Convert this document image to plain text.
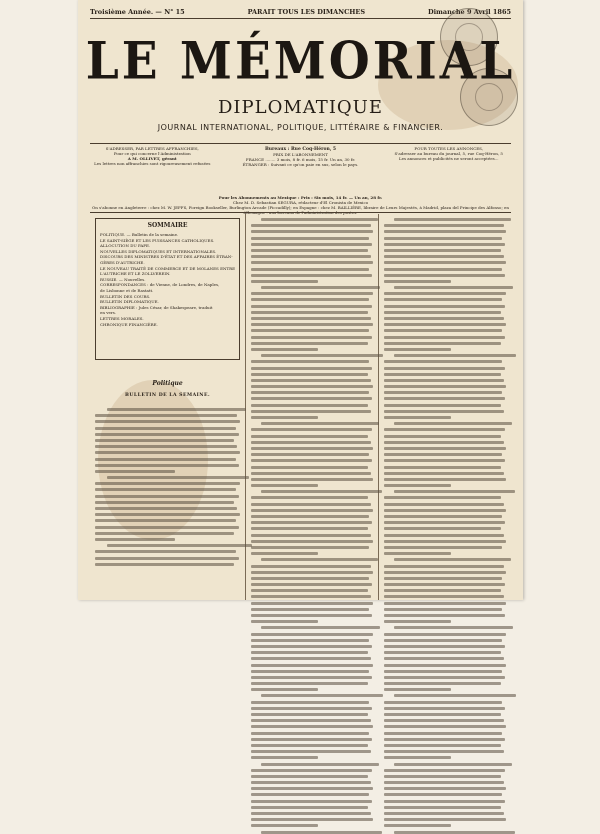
Troisième Année. — N° 15	PARAIT TOUS LES DIMANCHES	Dimanche 9 Avril 1865
LE MÉMORIAL
DIPLOMATIQUE
JOURNAL INTERNATIONAL, POLITIQUE, LITTÉRAIRE & FINANCIER.
S'ADRESSER, PAR LETTRES AFFRANCHIES,
Pour ce qui concerne l'Administration
A M. OLLIVET, gérant
Les lettres non affranchies sont rigoureusement refusées
Bureaux : Rue Coq-Héron, 5
PRIX DE L'ABONNEMENT
FRANCE ........ 3 mois, 8 fr. 6 mois, 15 fr. Un an, 30 fr.
ÉTRANGER : Suivant ce qu'on paie en sus, selon le pays.
POUR TOUTES LES ANNONCES,
S'adresser au bureau du journal, 5, rue Coq-Héron, 5
Les annonces et publicités ne seront acceptées...
Pour les Abonnements au Mexique : Prix : Six mois, 14 fr. — Un an, 28 fr.
Chez M. D. Sebastian SEGURA, rédacteur d'El Cronista de Mexico
On s'abonne en Angleterre : chez M. W. JEFFS, Foreign Bookseller, Burlington Arcade (Piccadilly); en Espagne : chez M. BAILLIÈRE, libraire de Leurs Majestés, à Madrid, plaza del Principe des Alfonso; en Allemagne : aux bureaux de l'administration des postes.
SOMMAIRE
POLITIQUE. — Bulletin de la semaine.
LE SAINT-SIÈGE ET LES PUISSANCES CATHOLIQUES.
ALLOCUTION DU PAPE.
NOUVELLES DIPLOMATIQUES ET INTERNATIONALES.
DISCOURS DES MINISTRES D'ÉTAT ET DES AFFAIRES ÉTRAN-
GÈRES D'AUTRICHE.
LE NOUVEAU TRAITÉ DE COMMERCE ET DE MOLANES ENTRE
L'AUTRICHE ET LE ZOLLVEREIN.
RUSSIE. — Nouvelles.
CORRESPONDANCES : de Vienne, de Londres, de Naples,
de Lisbonne et de Rastatt.
BULLETIN DES COURS.
BULLETIN DIPLOMATIQUE.
BIBLIOGRAPHIE : Jules César, de Shakespeare, traduit
en vers.
LETTRES MORALES.
CHRONIQUE FINANCIÈRE.
Politique
BULLETIN DE LA SEMAINE.
